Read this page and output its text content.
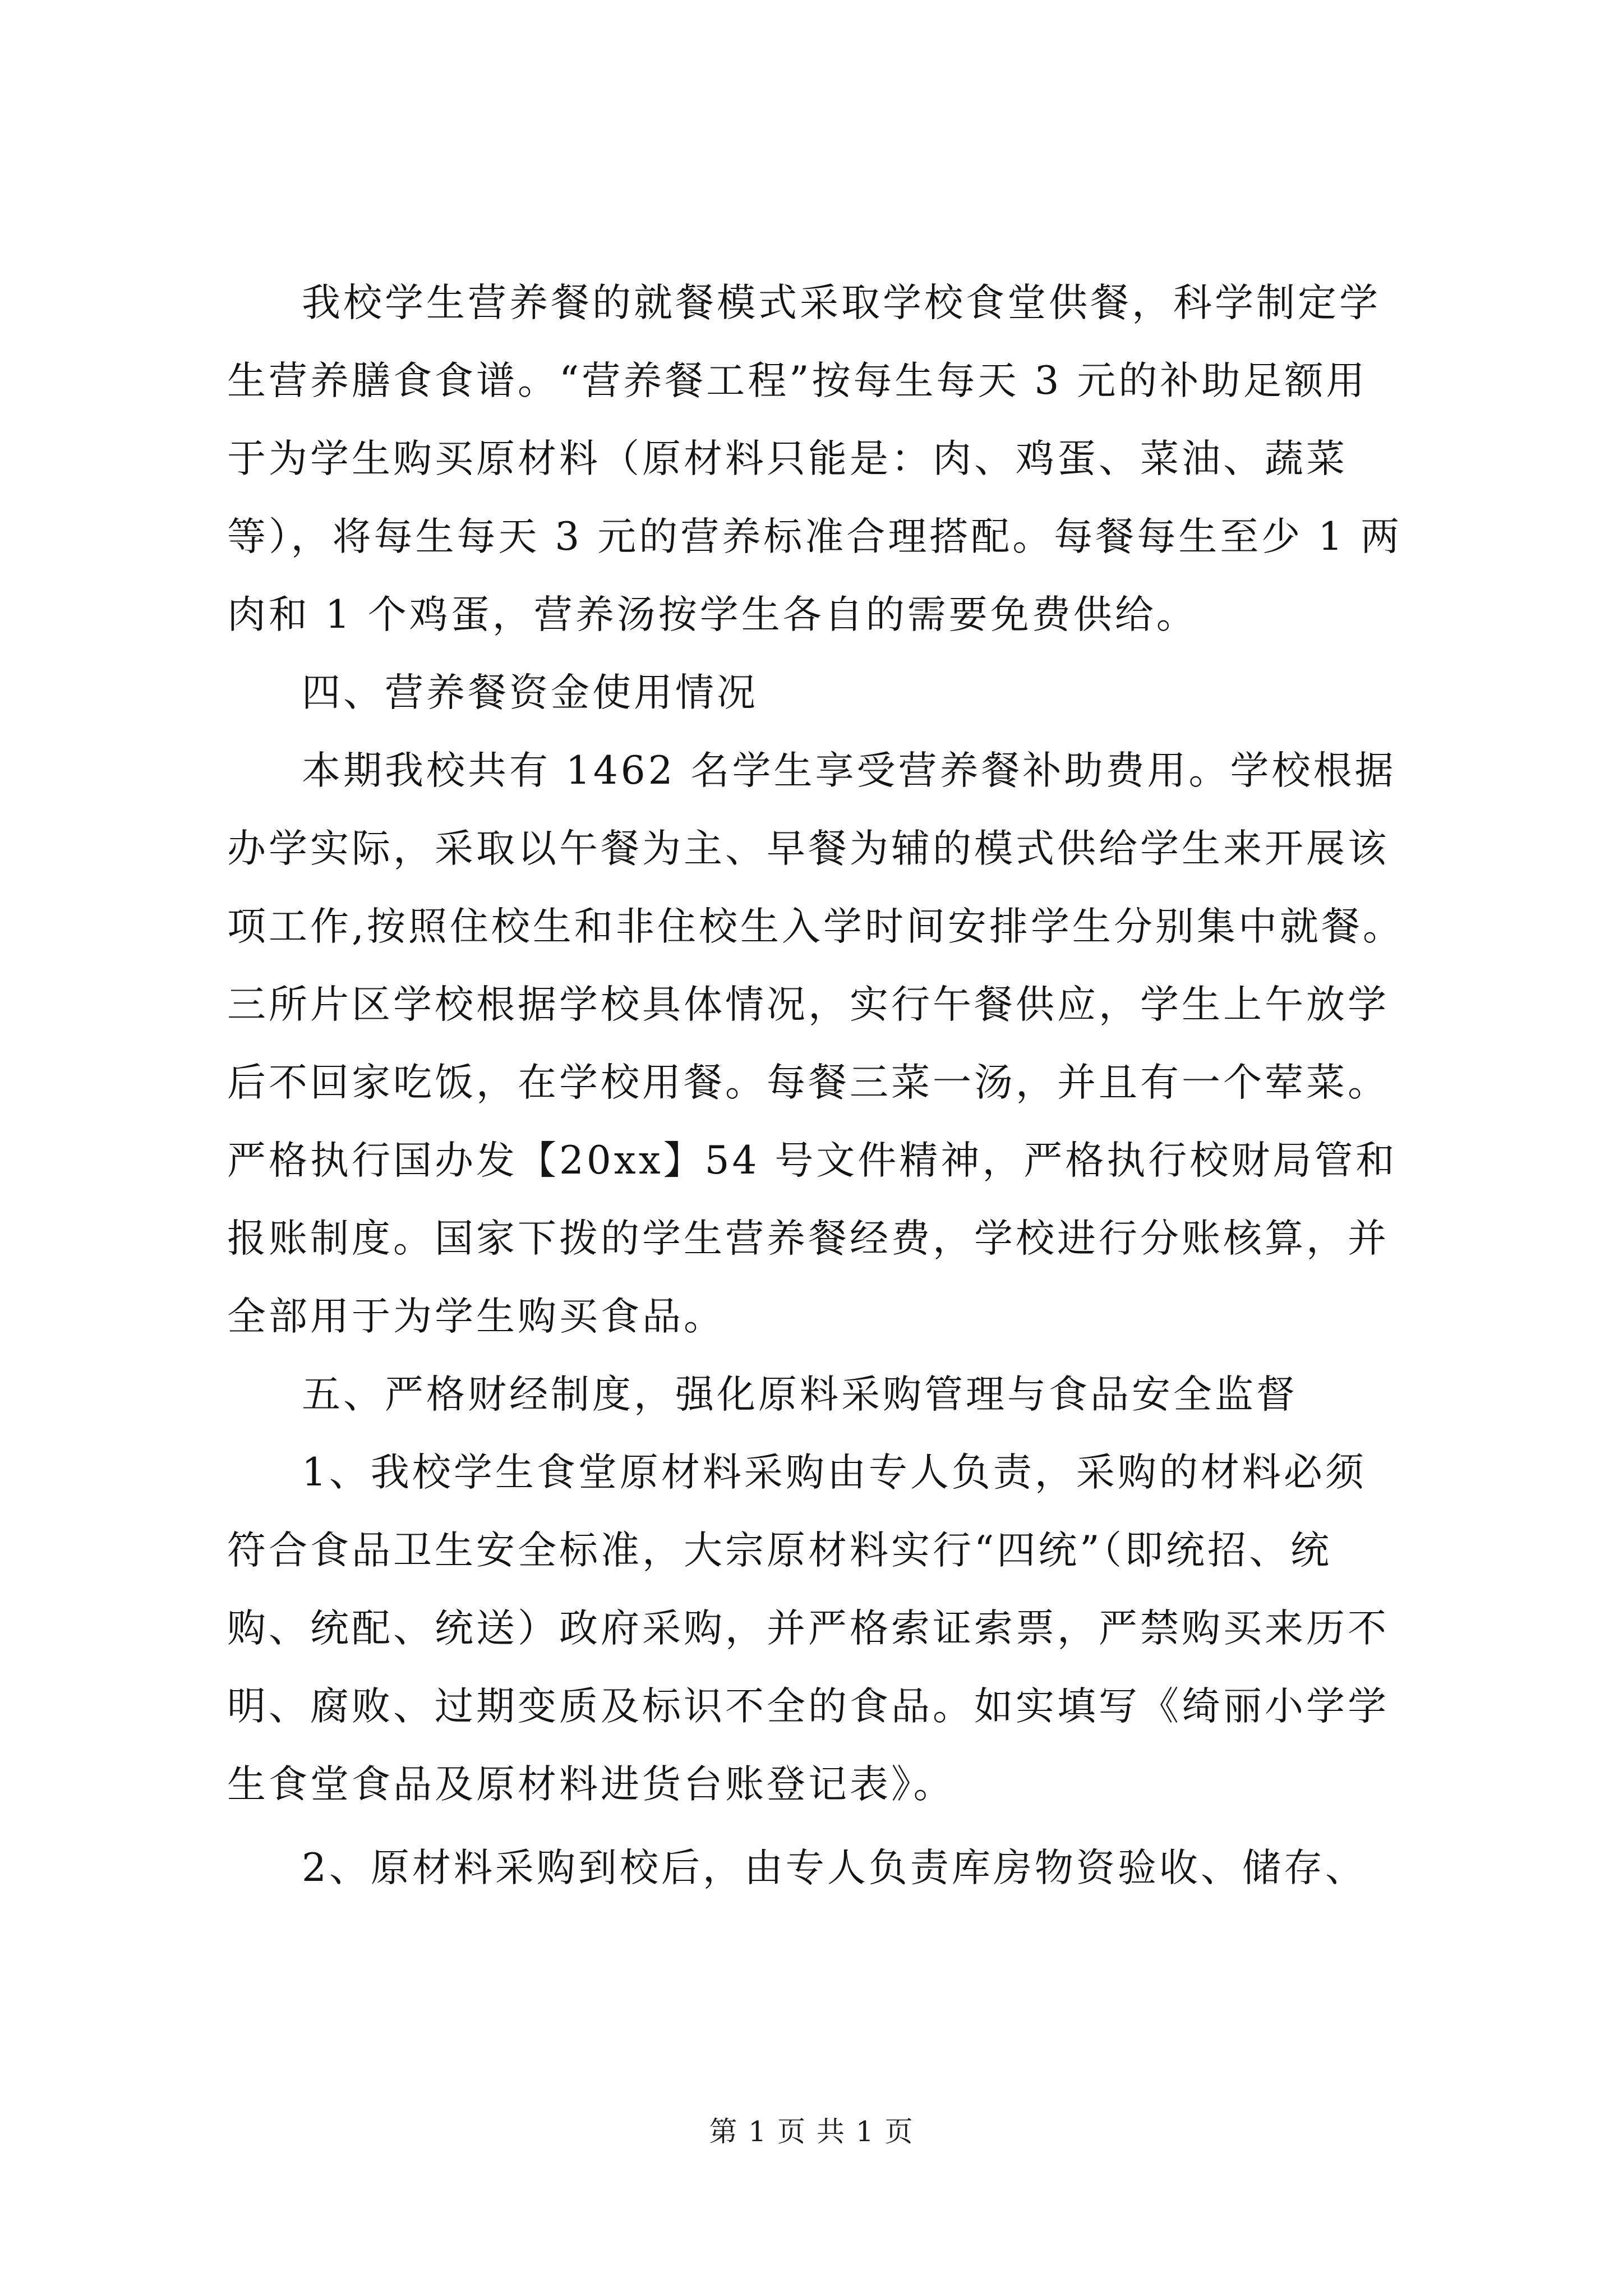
我校学生营养餐的就餐模式采取学校食堂供餐，科学制定学
生营养膳食食谱。“营养餐工程”按每生每天 3 元的补助足额用
于为学生购买原材料（原材料只能是：肉、鸡蛋、菜油、蔬菜
等），将每生每天 3 元的营养标准合理搭配。每餐每生至少 1 两
肉和 1 个鸡蛋，营养汤按学生各自的需要免费供给。
四、营养餐资金使用情况
本期我校共有 1462 名学生享受营养餐补助费用。学校根据
办学实际，采取以午餐为主、早餐为辅的模式供给学生来开展该
项工作,按照住校生和非住校生入学时间安排学生分别集中就餐。
三所片区学校根据学校具体情况，实行午餐供应，学生上午放学
后不回家吃饭，在学校用餐。每餐三菜一汤，并且有一个荤菜。
严格执行国办发【20xx】54 号文件精神，严格执行校财局管和
报账制度。国家下拨的学生营养餐经费，学校进行分账核算，并
全部用于为学生购买食品。
五、严格财经制度，强化原料采购管理与食品安全监督
1、我校学生食堂原材料采购由专人负责，采购的材料必须
符合食品卫生安全标准，大宗原材料实行“四统”（即统招、统
购、统配、统送）政府采购，并严格索证索票，严禁购买来历不
明、腐败、过期变质及标识不全的食品。如实填写《绮丽小学学
生食堂食品及原材料进货台账登记表》。
2、原材料采购到校后，由专人负责库房物资验收、储存、
第 1 页 共 1 页
